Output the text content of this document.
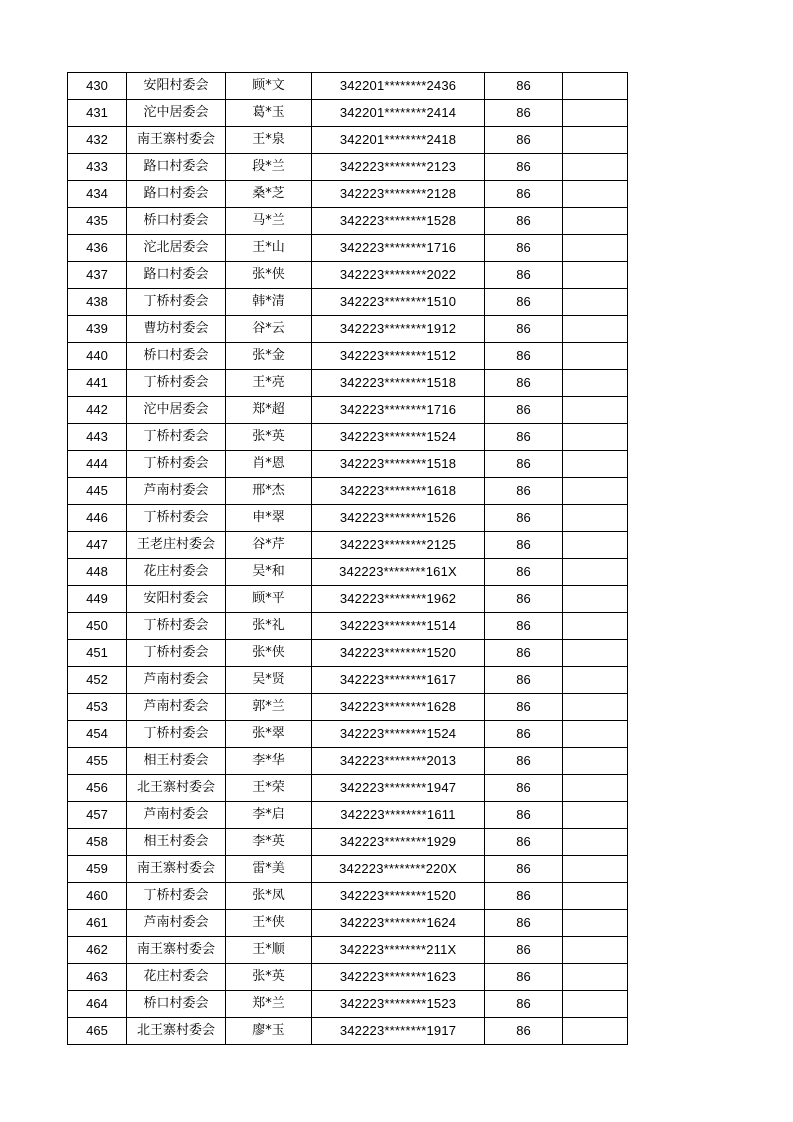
430	安阳村委会	顾*文	342201********2436	86	
431	沱中居委会	葛*玉	342201********2414	86	
432	南王寨村委会	王*泉	342201********2418	86	
433	路口村委会	段*兰	342223********2123	86	
434	路口村委会	桑*芝	342223********2128	86	
435	桥口村委会	马*兰	342223********1528	86	
436	沱北居委会	王*山	342223********1716	86	
437	路口村委会	张*侠	342223********2022	86	
438	丁桥村委会	韩*清	342223********1510	86	
439	曹坊村委会	谷*云	342223********1912	86	
440	桥口村委会	张*金	342223********1512	86	
441	丁桥村委会	王*亮	342223********1518	86	
442	沱中居委会	郑*超	342223********1716	86	
443	丁桥村委会	张*英	342223********1524	86	
444	丁桥村委会	肖*恩	342223********1518	86	
445	芦南村委会	邢*杰	342223********1618	86	
446	丁桥村委会	申*翠	342223********1526	86	
447	王老庄村委会	谷*芹	342223********2125	86	
448	花庄村委会	吴*和	342223********161X	86	
449	安阳村委会	顾*平	342223********1962	86	
450	丁桥村委会	张*礼	342223********1514	86	
451	丁桥村委会	张*侠	342223********1520	86	
452	芦南村委会	吴*贤	342223********1617	86	
453	芦南村委会	郭*兰	342223********1628	86	
454	丁桥村委会	张*翠	342223********1524	86	
455	相王村委会	李*华	342223********2013	86	
456	北王寨村委会	王*荣	342223********1947	86	
457	芦南村委会	李*启	342223********1611	86	
458	相王村委会	李*英	342223********1929	86	
459	南王寨村委会	雷*美	342223********220X	86	
460	丁桥村委会	张*凤	342223********1520	86	
461	芦南村委会	王*侠	342223********1624	86	
462	南王寨村委会	王*顺	342223********211X	86	
463	花庄村委会	张*英	342223********1623	86	
464	桥口村委会	郑*兰	342223********1523	86	
465	北王寨村委会	廖*玉	342223********1917	86	
